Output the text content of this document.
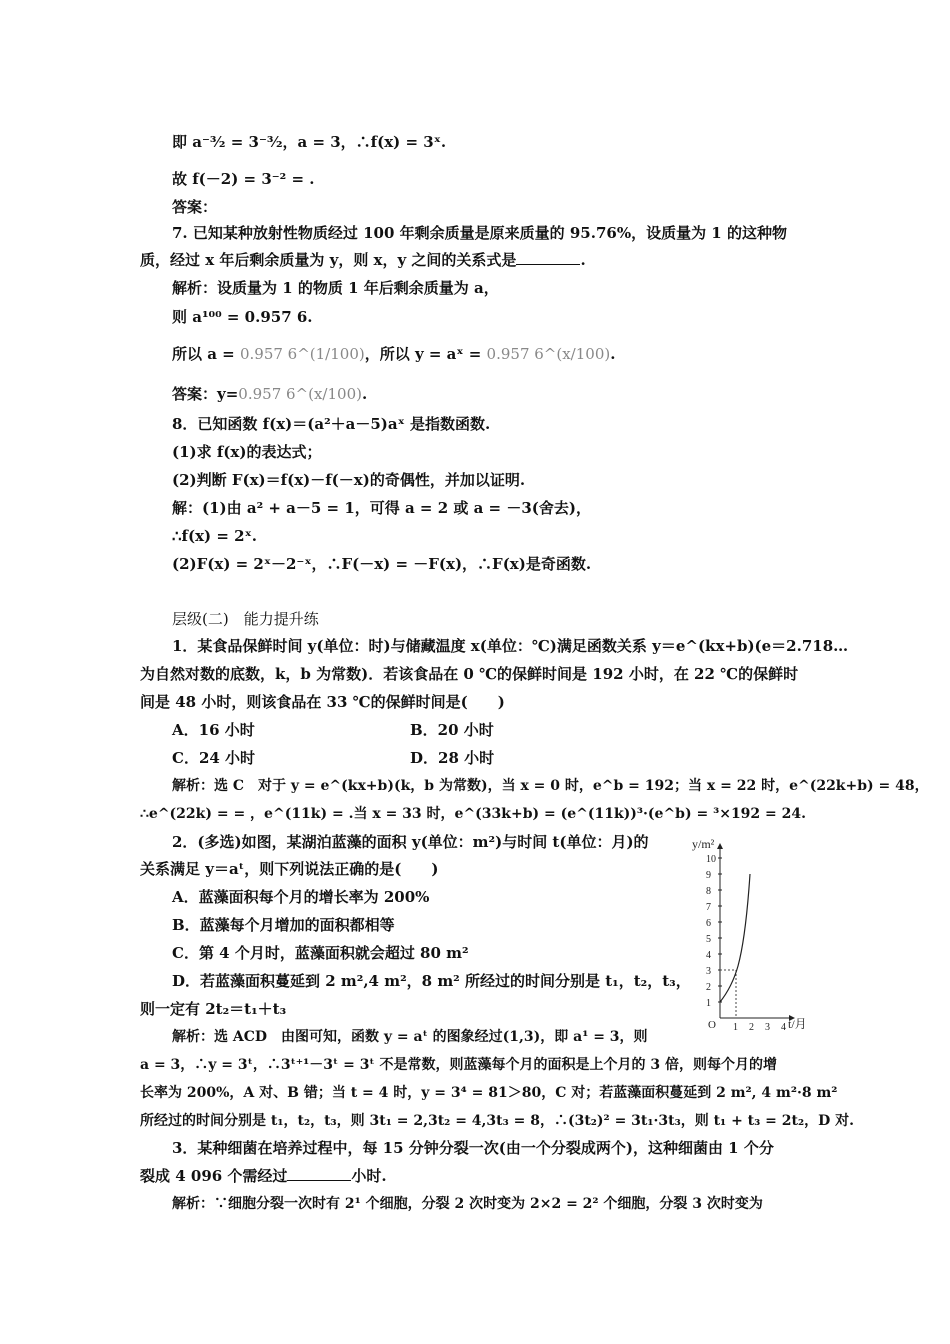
即 a⁻³⁄₂ = 3⁻³⁄₂，a = 3，∴f(x) = 3ˣ.
故 f(－2) = 3⁻² = .
答案：
7. 已知某种放射性物质经过 100 年剩余质量是原来质量的 95.76%，设质量为 1 的这种物
质，经过 x 年后剩余质量为 y，则 x，y 之间的关系式是	.
解析：设质量为 1 的物质 1 年后剩余质量为 a，
则 a¹⁰⁰ = 0.957 6.
所以 a = 0.957 6^(1/100)，所以 y = aˣ = 0.957 6^(x/100).
答案：y=0.957 6^(x/100).
8．已知函数 f(x)＝(a²＋a－5)aˣ 是指数函数.
(1)求 f(x)的表达式；
(2)判断 F(x)＝f(x)－f(－x)的奇偶性，并加以证明.
解：(1)由 a² + a－5 = 1，可得 a = 2 或 a = －3(舍去)，
∴f(x) = 2ˣ.
(2)F(x) = 2ˣ－2⁻ˣ，∴F(－x) = －F(x)，∴F(x)是奇函数.
层级(二)　能力提升练
1．某食品保鲜时间 y(单位：时)与储藏温度 x(单位：℃)满足函数关系 y＝e^(kx+b)(e＝2.718…
为自然对数的底数，k，b 为常数)．若该食品在 0 ℃的保鲜时间是 192 小时，在 22 ℃的保鲜时
间是 48 小时，则该食品在 33 ℃的保鲜时间是(　　)
A．16 小时	B．20 小时
C．24 小时	D．28 小时
解析：选 C　对于 y = e^(kx+b)(k，b 为常数)，当 x = 0 时，e^b = 192；当 x = 22 时，e^(22k+b) = 48，
∴e^(22k) = = ，e^(11k) = .当 x = 33 时，e^(33k+b) = (e^(11k))³·(e^b) = ³×192 = 24.
2．(多选)如图，某湖泊蓝藻的面积 y(单位：m²)与时间 t(单位：月)的
关系满足 y＝aᵗ，则下列说法正确的是(　　)
A．蓝藻面积每个月的增长率为 200%
B．蓝藻每个月增加的面积都相等
C．第 4 个月时，蓝藻面积就会超过 80 m²
D．若蓝藻面积蔓延到 2 m²,4 m²，8 m² 所经过的时间分别是 t₁，t₂，t₃，
则一定有 2t₂＝t₁＋t₃
y/m²
t/月
O
1
2
3
4
5
6
7
8
9
10
1 2 3 4
解析：选 ACD　由图可知，函数 y = aᵗ 的图象经过(1,3)，即 a¹ = 3，则
a = 3，∴y = 3ᵗ，∴3ᵗ⁺¹－3ᵗ = 3ᵗ 不是常数，则蓝藻每个月的面积是上个月的 3 倍，则每个月的增
长率为 200%，A 对、B 错；当 t = 4 时，y = 3⁴ = 81＞80，C 对；若蓝藻面积蔓延到 2 m², 4 m²·8 m²
所经过的时间分别是 t₁，t₂，t₃，则 3t₁ = 2,3t₂ = 4,3t₃ = 8，∴(3t₂)² = 3t₁·3t₃，则 t₁ + t₃ = 2t₂，D 对.
3．某种细菌在培养过程中，每 15 分钟分裂一次(由一个分裂成两个)，这种细菌由 1 个分
裂成 4 096 个需经过	小时.
解析：∵细胞分裂一次时有 2¹ 个细胞，分裂 2 次时变为 2×2 = 2² 个细胞，分裂 3 次时变为
